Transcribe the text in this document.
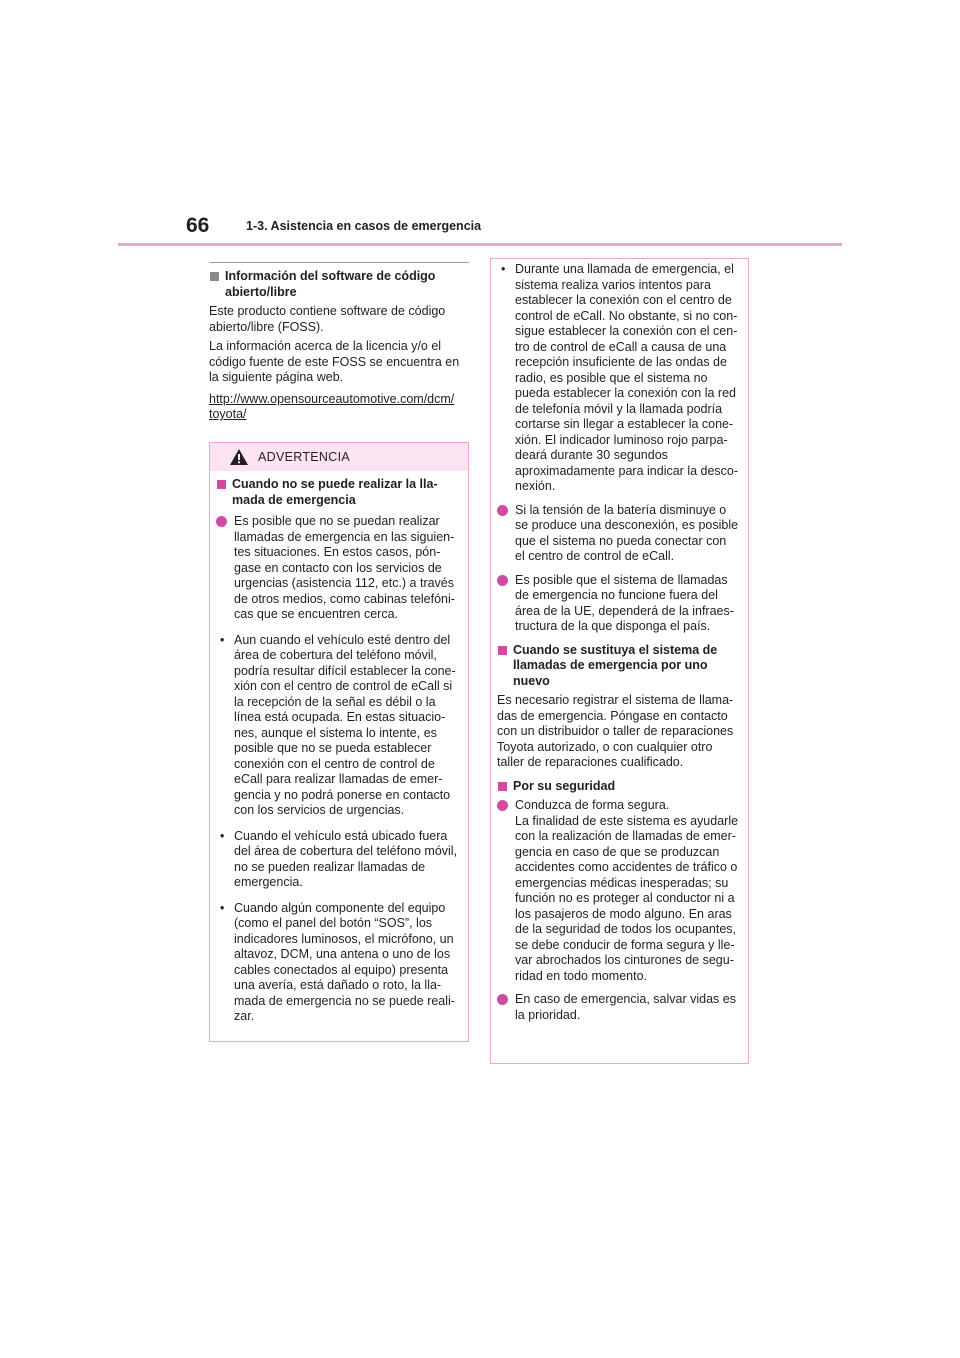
66	1-3. Asistencia en casos de emergencia
Información del software de código
abierto/libre
Este producto contiene software de código
abierto/libre (FOSS).
La información acerca de la licencia y/o el
código fuente de este FOSS se encuentra en
la siguiente página web.
http://www.opensourceautomotive.com/dcm/
toyota/
ADVERTENCIA
Cuando no se puede realizar la lla-
mada de emergencia
Es posible que no se puedan realizar
llamadas de emergencia en las siguien-
tes situaciones. En estos casos, pón-
gase en contacto con los servicios de
urgencias (asistencia 112, etc.) a través
de otros medios, como cabinas telefóni-
cas que se encuentren cerca.
• Aun cuando el vehículo esté dentro del
área de cobertura del teléfono móvil,
podría resultar difícil establecer la cone-
xión con el centro de control de eCall si
la recepción de la señal es débil o la
línea está ocupada. En estas situacio-
nes, aunque el sistema lo intente, es
posible que no se pueda establecer
conexión con el centro de control de
eCall para realizar llamadas de emer-
gencia y no podrá ponerse en contacto
con los servicios de urgencias.
• Cuando el vehículo está ubicado fuera
del área de cobertura del teléfono móvil,
no se pueden realizar llamadas de
emergencia.
• Cuando algún componente del equipo
(como el panel del botón “SOS”, los
indicadores luminosos, el micrófono, un
altavoz, DCM, una antena o uno de los
cables conectados al equipo) presenta
una avería, está dañado o roto, la lla-
mada de emergencia no se puede reali-
zar.
• Durante una llamada de emergencia, el
sistema realiza varios intentos para
establecer la conexión con el centro de
control de eCall. No obstante, si no con-
sigue establecer la conexión con el cen-
tro de control de eCall a causa de una
recepción insuficiente de las ondas de
radio, es posible que el sistema no
pueda establecer la conexión con la red
de telefonía móvil y la llamada podría
cortarse sin llegar a establecer la cone-
xión. El indicador luminoso rojo parpa-
deará durante 30 segundos
aproximadamente para indicar la desco-
nexión.
Si la tensión de la batería disminuye o
se produce una desconexión, es posible
que el sistema no pueda conectar con
el centro de control de eCall.
Es posible que el sistema de llamadas
de emergencia no funcione fuera del
área de la UE, dependerá de la infraes-
tructura de la que disponga el país.
Cuando se sustituya el sistema de
llamadas de emergencia por uno
nuevo
Es necesario registrar el sistema de llama-
das de emergencia. Póngase en contacto
con un distribuidor o taller de reparaciones
Toyota autorizado, o con cualquier otro
taller de reparaciones cualificado.
Por su seguridad
Conduzca de forma segura.
La finalidad de este sistema es ayudarle
con la realización de llamadas de emer-
gencia en caso de que se produzcan
accidentes como accidentes de tráfico o
emergencias médicas inesperadas; su
función no es proteger al conductor ni a
los pasajeros de modo alguno. En aras
de la seguridad de todos los ocupantes,
se debe conducir de forma segura y lle-
var abrochados los cinturones de segu-
ridad en todo momento.
En caso de emergencia, salvar vidas es
la prioridad.
